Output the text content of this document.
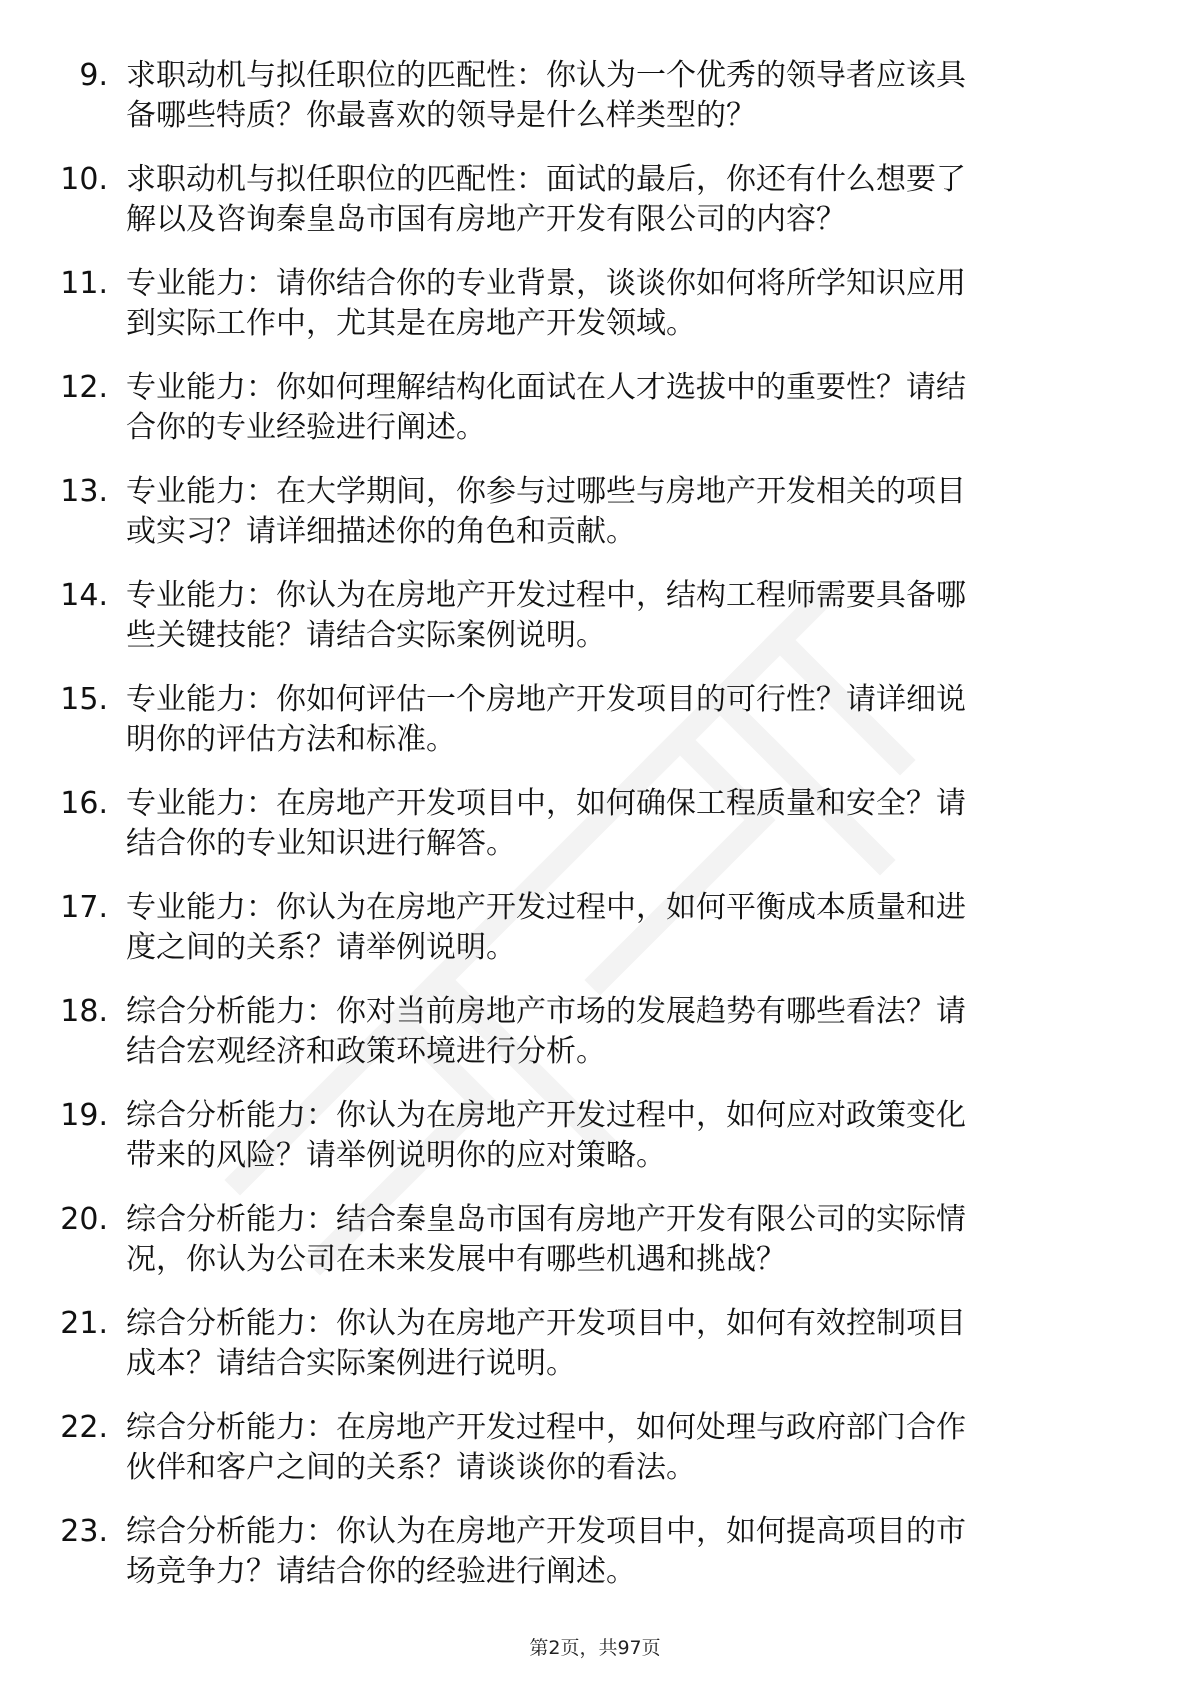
9. 求职动机与拟任职位的匹配性：你认为一个优秀的领导者应该具
备哪些特质？你最喜欢的领导是什么样类型的？
10. 求职动机与拟任职位的匹配性：面试的最后，你还有什么想要了
解以及咨询秦皇岛市国有房地产开发有限公司的内容？
11. 专业能力：请你结合你的专业背景，谈谈你如何将所学知识应用
到实际工作中，尤其是在房地产开发领域。
12. 专业能力：你如何理解结构化面试在人才选拔中的重要性？请结
合你的专业经验进行阐述。
13. 专业能力：在大学期间，你参与过哪些与房地产开发相关的项目
或实习？请详细描述你的角色和贡献。
14. 专业能力：你认为在房地产开发过程中，结构工程师需要具备哪
些关键技能？请结合实际案例说明。
15. 专业能力：你如何评估一个房地产开发项目的可行性？请详细说
明你的评估方法和标准。
16. 专业能力：在房地产开发项目中，如何确保工程质量和安全？请
结合你的专业知识进行解答。
17. 专业能力：你认为在房地产开发过程中，如何平衡成本质量和进
度之间的关系？请举例说明。
18. 综合分析能力：你对当前房地产市场的发展趋势有哪些看法？请
结合宏观经济和政策环境进行分析。
19. 综合分析能力：你认为在房地产开发过程中，如何应对政策变化
带来的风险？请举例说明你的应对策略。
20. 综合分析能力：结合秦皇岛市国有房地产开发有限公司的实际情
况，你认为公司在未来发展中有哪些机遇和挑战？
21. 综合分析能力：你认为在房地产开发项目中，如何有效控制项目
成本？请结合实际案例进行说明。
22. 综合分析能力：在房地产开发过程中，如何处理与政府部门合作
伙伴和客户之间的关系？请谈谈你的看法。
23. 综合分析能力：你认为在房地产开发项目中，如何提高项目的市
场竞争力？请结合你的经验进行阐述。
第2页，共97页
